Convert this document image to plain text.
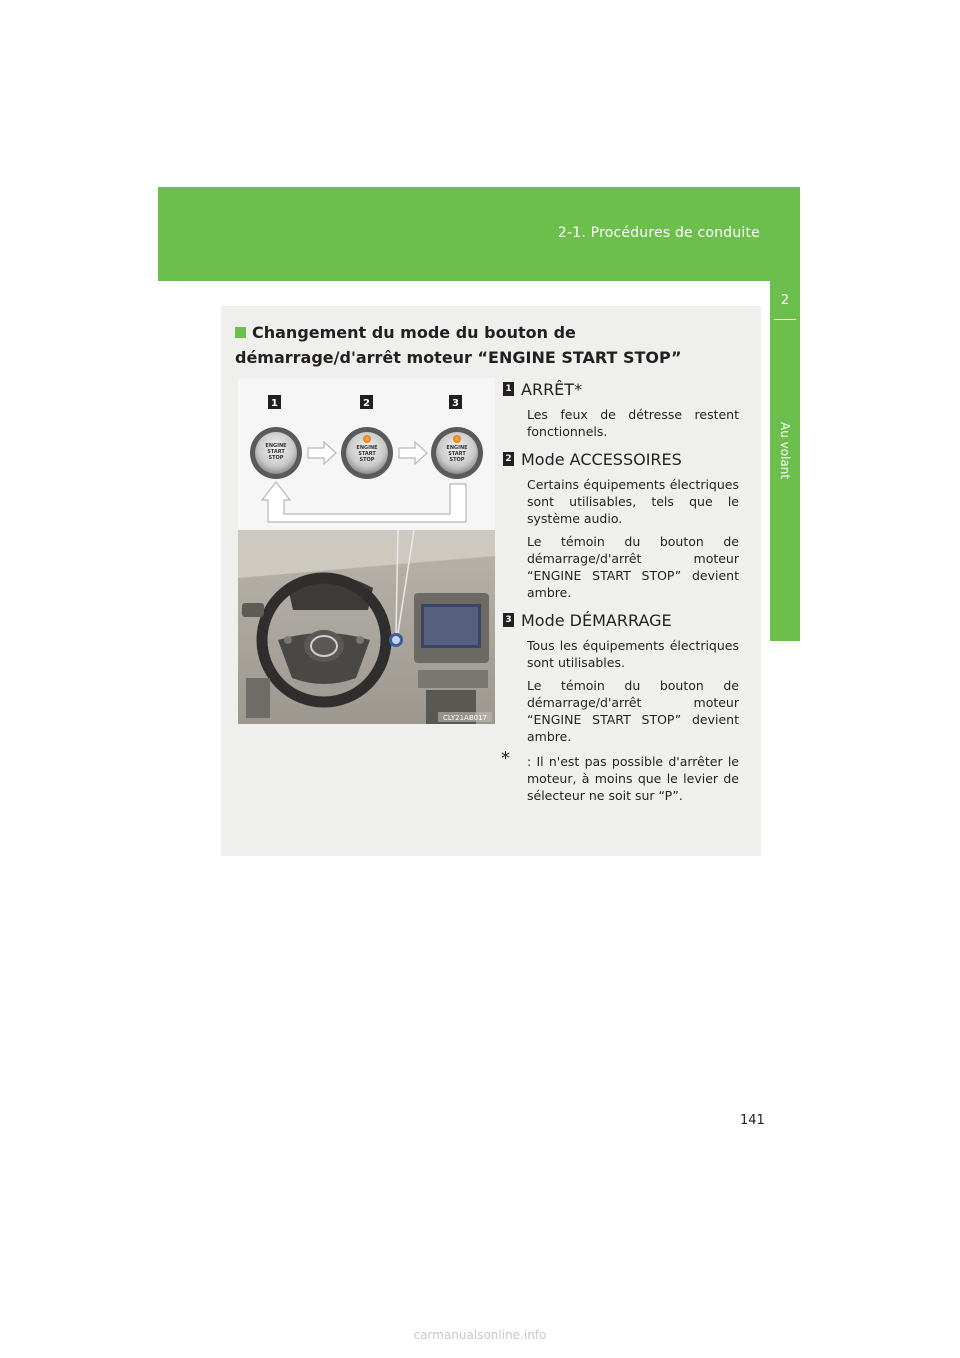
2-1. Procédures de conduite
2
Au volant
Changement du mode du bouton de démarrage/d'arrêt moteur “ENGINE START STOP”
1	2	3
ENGINE
START
STOP
ENGINE
START
STOP
ENGINE
START
STOP
CLY21AB017
1 ARRÊT*

Les feux de détresse restent fonctionnels.

2 Mode ACCESSOIRES

Certains équipements électriques sont utilisables, tels que le système audio.

Le témoin du bouton de démarrage/d'arrêt moteur “ENGINE START STOP” devient ambre.

3 Mode DÉMARRAGE

Tous les équipements électriques sont utilisables.

Le témoin du bouton de démarrage/d'arrêt moteur “ENGINE START STOP” devient ambre.

* : Il n'est pas possible d'arrêter le moteur, à moins que le levier de sélecteur ne soit sur “P”.
141
carmanualsonline.info
